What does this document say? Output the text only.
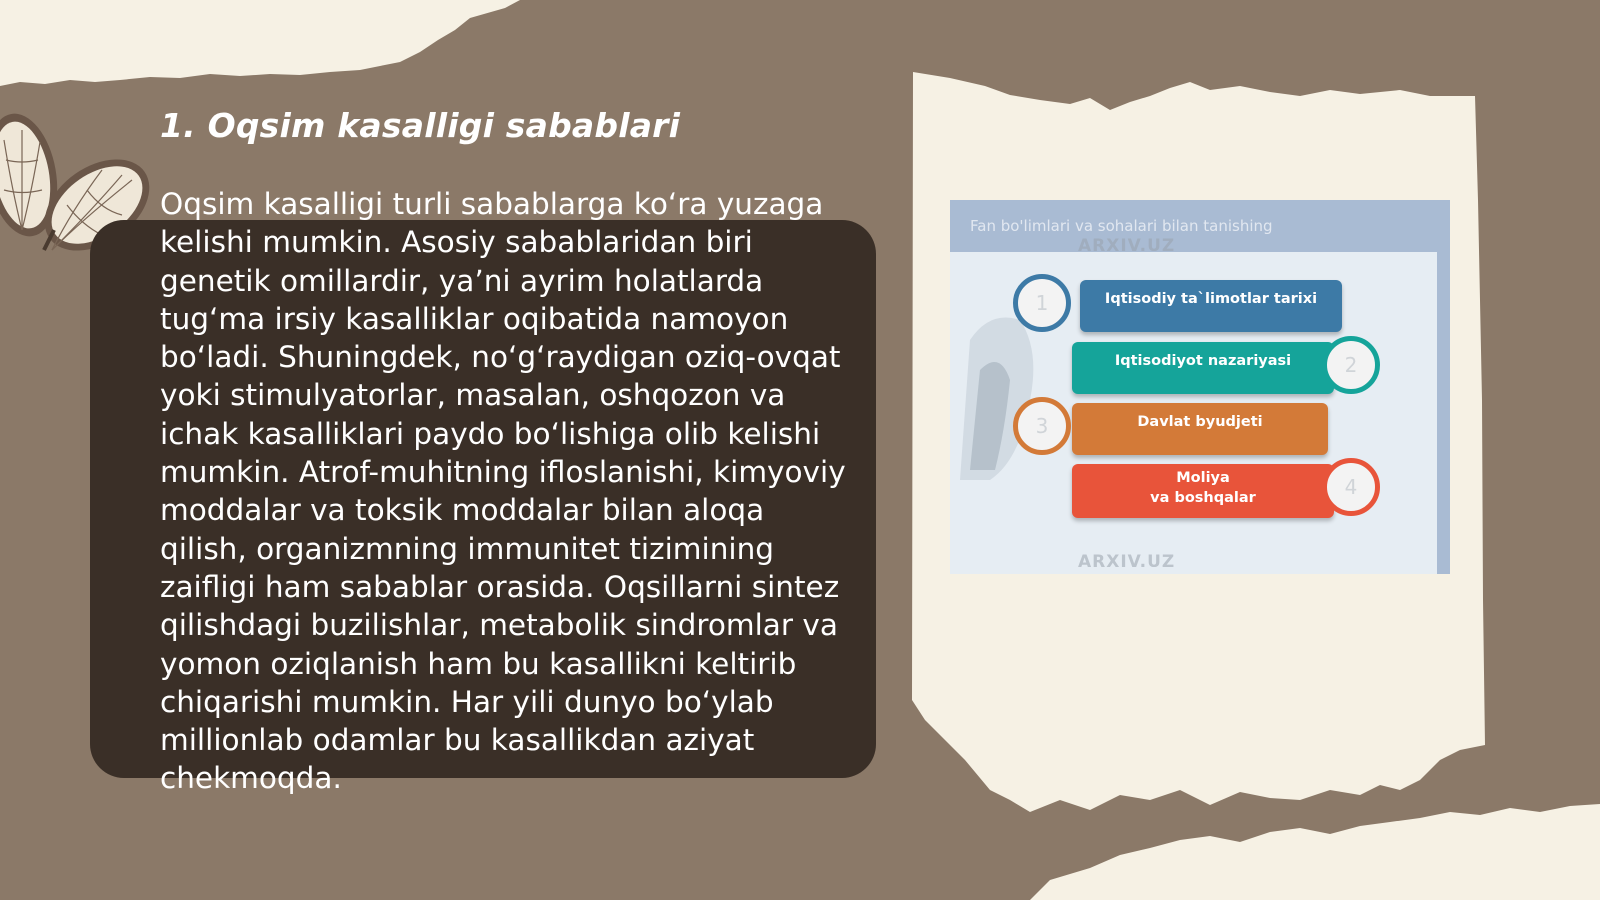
1. Oqsim kasalligi sabablari

Oqsim kasalligi turli sabablarga ko‘ra yuzaga kelishi mumkin. Asosiy sabablaridan biri genetik omillardir, ya’ni ayrim holatlarda tug‘ma irsiy kasalliklar oqibatida namoyon bo‘ladi. Shuningdek, no‘g‘raydigan oziq-ovqat yoki stimulyatorlar, masalan, oshqozon va ichak kasalliklari paydo bo‘lishiga olib kelishi mumkin. Atrof-muhitning ifloslanishi, kimyoviy moddalar va toksik moddalar bilan aloqa qilish, organizmning immunitet tizimining zaifligi ham sabablar orasida. Oqsillarni sintez qilishdagi buzilishlar, metabolik sindromlar va yomon oziqlanish ham bu kasallikni keltirib chiqarishi mumkin. Har yili dunyo bo‘ylab millionlab odamlar bu kasallikdan aziyat chekmoqda.

Fan bo'limlari va sohalari bilan tanishing
ARXIV.UZ
ARXIV.UZ
Iqtisodiy ta`limotlar tarixi
1
Iqtisodiyot nazariyasi	2
Davlat byudjeti
3
Moliya
va boshqalar	4
